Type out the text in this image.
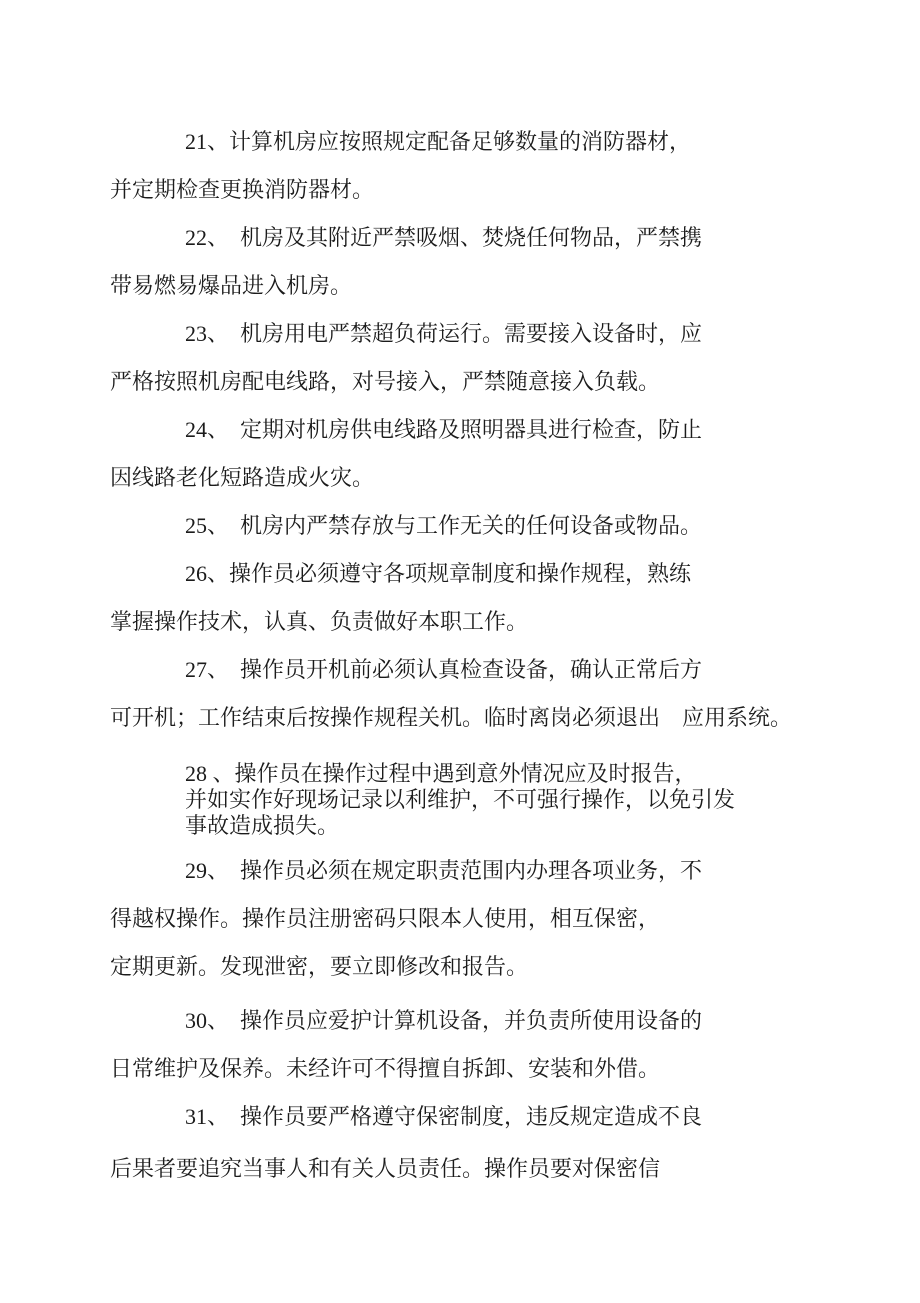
21、计算机房应按照规定配备足够数量的消防器材，
并定期检查更换消防器材。
22、　机房及其附近严禁吸烟、焚烧任何物品，严禁携
带易燃易爆品进入机房。
23、　机房用电严禁超负荷运行。需要接入设备时，应
严格按照机房配电线路，对号接入，严禁随意接入负载。
24、　定期对机房供电线路及照明器具进行检查，防止
因线路老化短路造成火灾。
25、　机房内严禁存放与工作无关的任何设备或物品。
26、操作员必须遵守各项规章制度和操作规程，熟练
掌握操作技术，认真、负责做好本职工作。
27、　操作员开机前必须认真检查设备，确认正常后方
可开机；工作结束后按操作规程关机。临时离岗必须退出　应用系统。
28 、操作员在操作过程中遇到意外情况应及时报告，
并如实作好现场记录以利维护，不可强行操作，以免引发
事故造成损失。
29、　操作员必须在规定职责范围内办理各项业务，不
得越权操作。操作员注册密码只限本人使用，相互保密，
定期更新。发现泄密，要立即修改和报告。
30、　操作员应爱护计算机设备，并负责所使用设备的
日常维护及保养。未经许可不得擅自拆卸、安装和外借。
31、　操作员要严格遵守保密制度，违反规定造成不良
后果者要追究当事人和有关人员责任。操作员要对保密信
